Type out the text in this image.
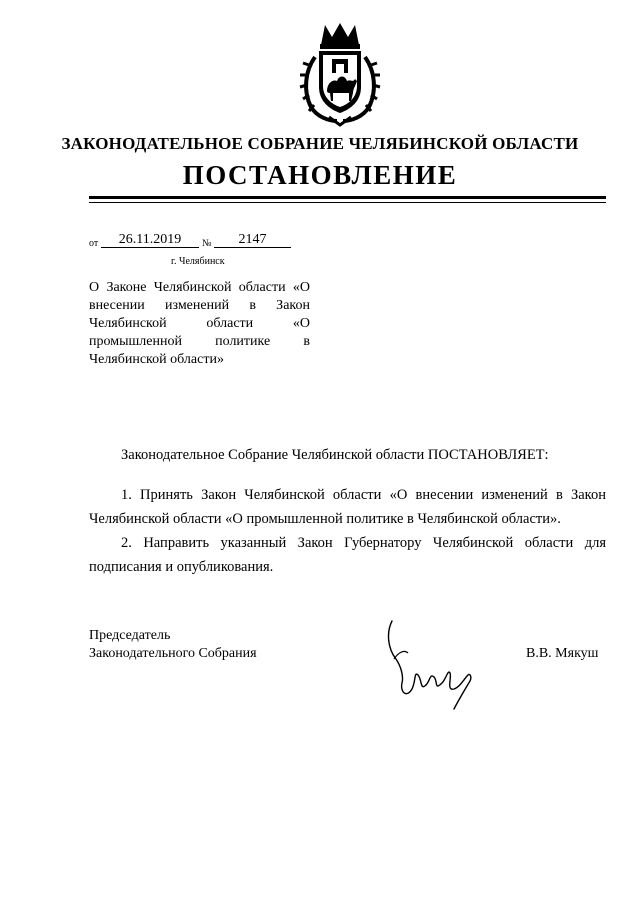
ЗАКОНОДАТЕЛЬНОЕ СОБРАНИЕ ЧЕЛЯБИНСКОЙ ОБЛАСТИ
ПОСТАНОВЛЕНИЕ
от	26.11.2019	№	2147
г. Челябинск
О Законе Челябинской области «О внесении изменений в Закон Челябинской области «О промышленной политике в Челябинской области»
Законодательное Собрание Челябинской области ПОСТАНОВЛЯЕТ:
1. Принять Закон Челябинской области «О внесении изменений в Закон Челябинской области «О промышленной политике в Челябинской области».
2. Направить указанный Закон Губернатору Челябинской области для подписания и опубликования.
Председатель
Законодательного Собрания	В.В. Мякуш
